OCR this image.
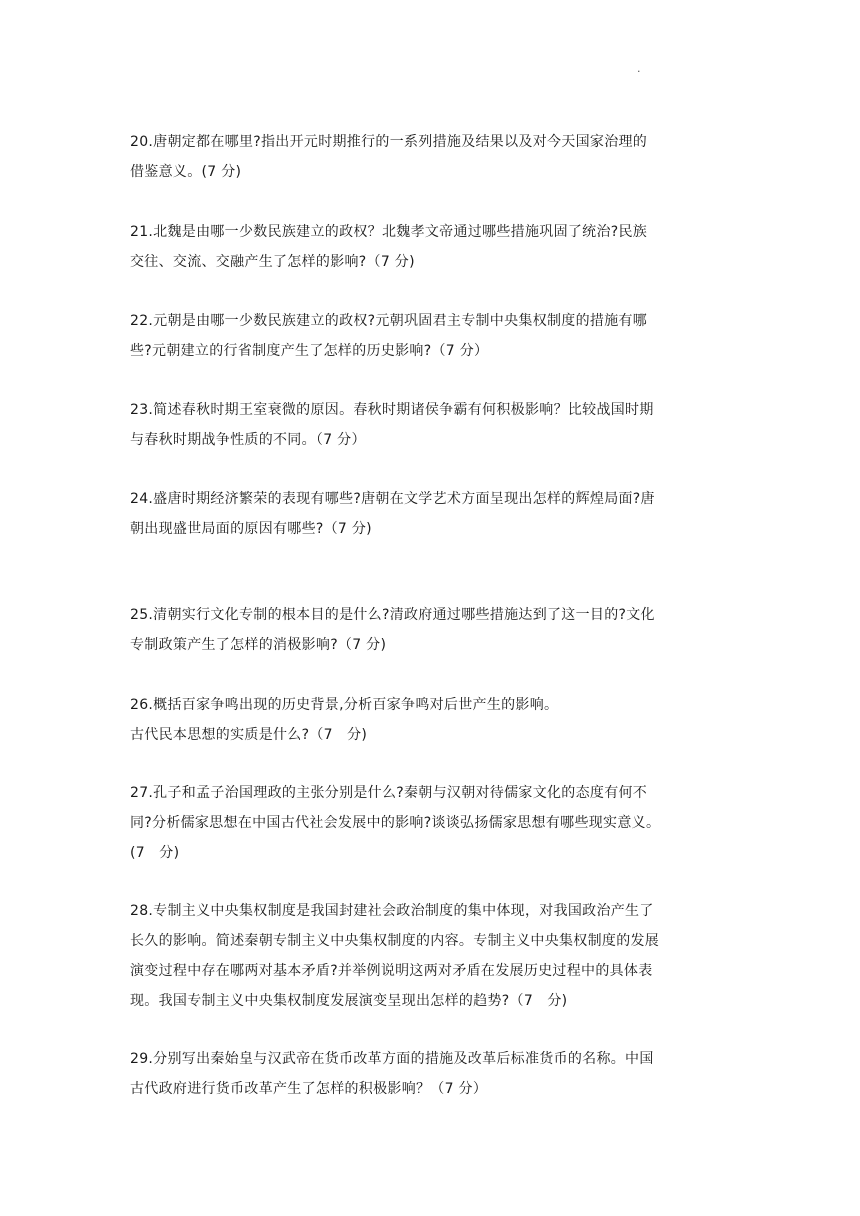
.

20.唐朝定都在哪里?指出开元时期推行的一系列措施及结果以及对今天国家治理的
借鉴意义。(7 分)

21.北魏是由哪一少数民族建立的政权？北魏孝文帝通过哪些措施巩固了统治?民族
交往、交流、交融产生了怎样的影响?（7 分)

22.元朝是由哪一少数民族建立的政权?元朝巩固君主专制中央集权制度的措施有哪
些?元朝建立的行省制度产生了怎样的历史影响?（7 分）

23.简述春秋时期王室衰微的原因。春秋时期诸侯争霸有何积极影响？比较战国时期
与春秋时期战争性质的不同。（7 分）

24.盛唐时期经济繁荣的表现有哪些?唐朝在文学艺术方面呈现出怎样的辉煌局面?唐
朝出现盛世局面的原因有哪些?（7 分)

25.清朝实行文化专制的根本目的是什么?清政府通过哪些措施达到了这一目的?文化
专制政策产生了怎样的消极影响?（7 分)

26.概括百家争鸣出现的历史背景,分析百家争鸣对后世产生的影响。
古代民本思想的实质是什么?（7　分)

27.孔子和孟子治国理政的主张分别是什么?秦朝与汉朝对待儒家文化的态度有何不
同?分析儒家思想在中国古代社会发展中的影响?谈谈弘扬儒家思想有哪些现实意义。
(7　分)

28.专制主义中央集权制度是我国封建社会政治制度的集中体现，对我国政治产生了
长久的影响。简述秦朝专制主义中央集权制度的内容。专制主义中央集权制度的发展
演变过程中存在哪两对基本矛盾?并举例说明这两对矛盾在发展历史过程中的具体表
现。我国专制主义中央集权制度发展演变呈现出怎样的趋势?（7　分)

29.分别写出秦始皇与汉武帝在货币改革方面的措施及改革后标准货币的名称。中国
古代政府进行货币改革产生了怎样的积极影响？（7 分）
